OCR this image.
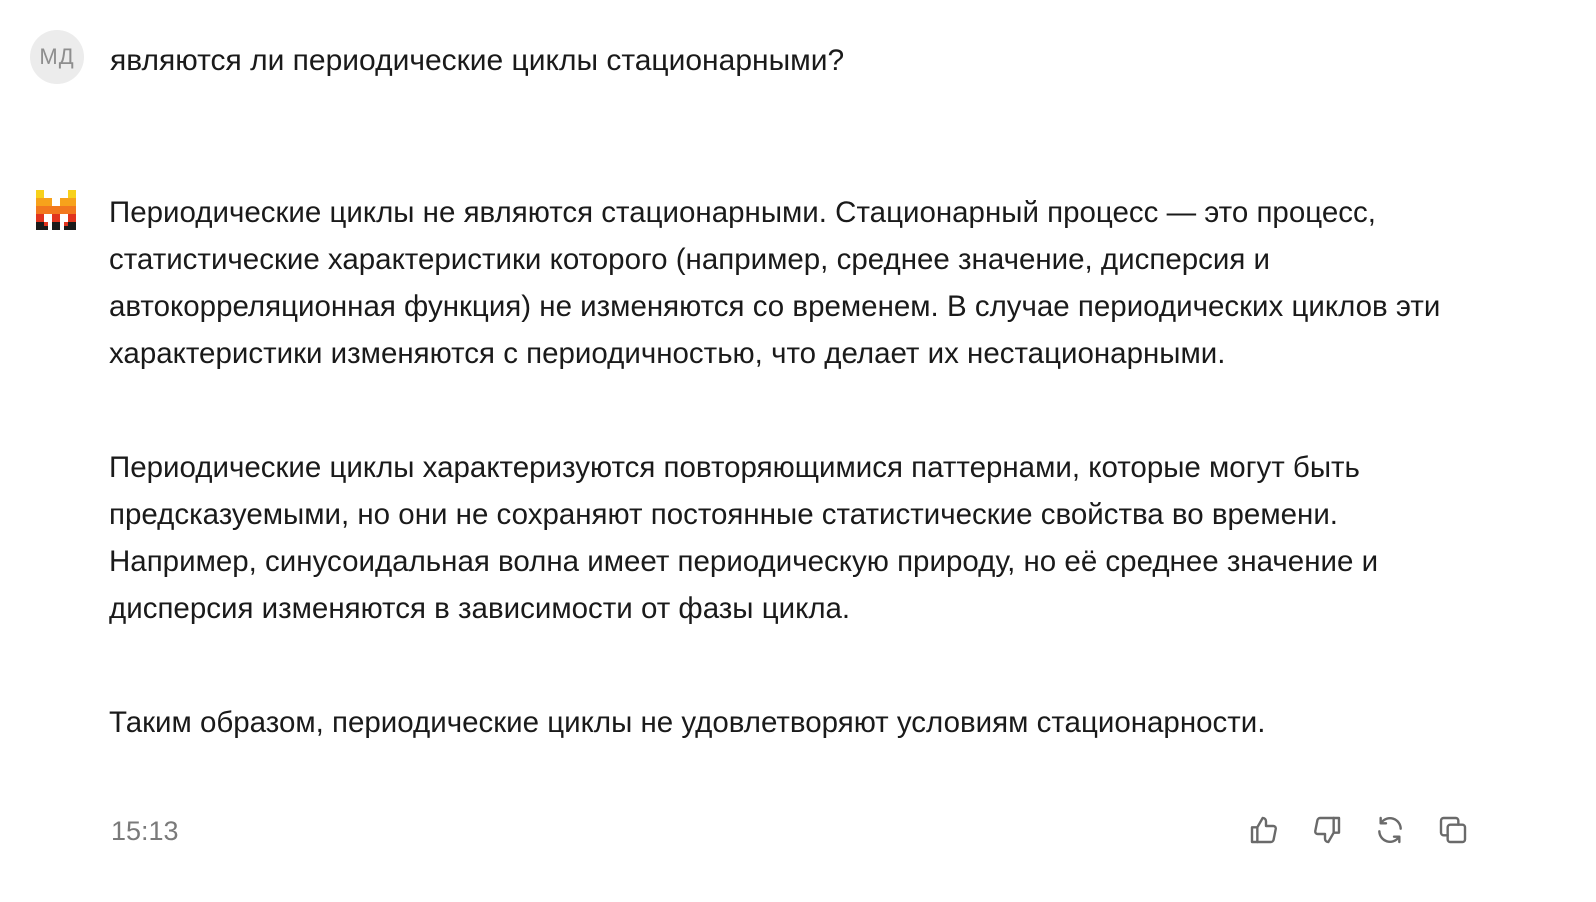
МД	являются ли периодические циклы стационарными?

Периодические циклы не являются стационарными. Стационарный процесс — это процесс, статистические характеристики которого (например, среднее значение, дисперсия и автокорреляционная функция) не изменяются со временем. В случае периодических циклов эти характеристики изменяются с периодичностью, что делает их нестационарными.

Периодические циклы характеризуются повторяющимися паттернами, которые могут быть предсказуемыми, но они не сохраняют постоянные статистические свойства во времени. Например, синусоидальная волна имеет периодическую природу, но её среднее значение и дисперсия изменяются в зависимости от фазы цикла.

Таким образом, периодические циклы не удовлетворяют условиям стационарности.

15:13
